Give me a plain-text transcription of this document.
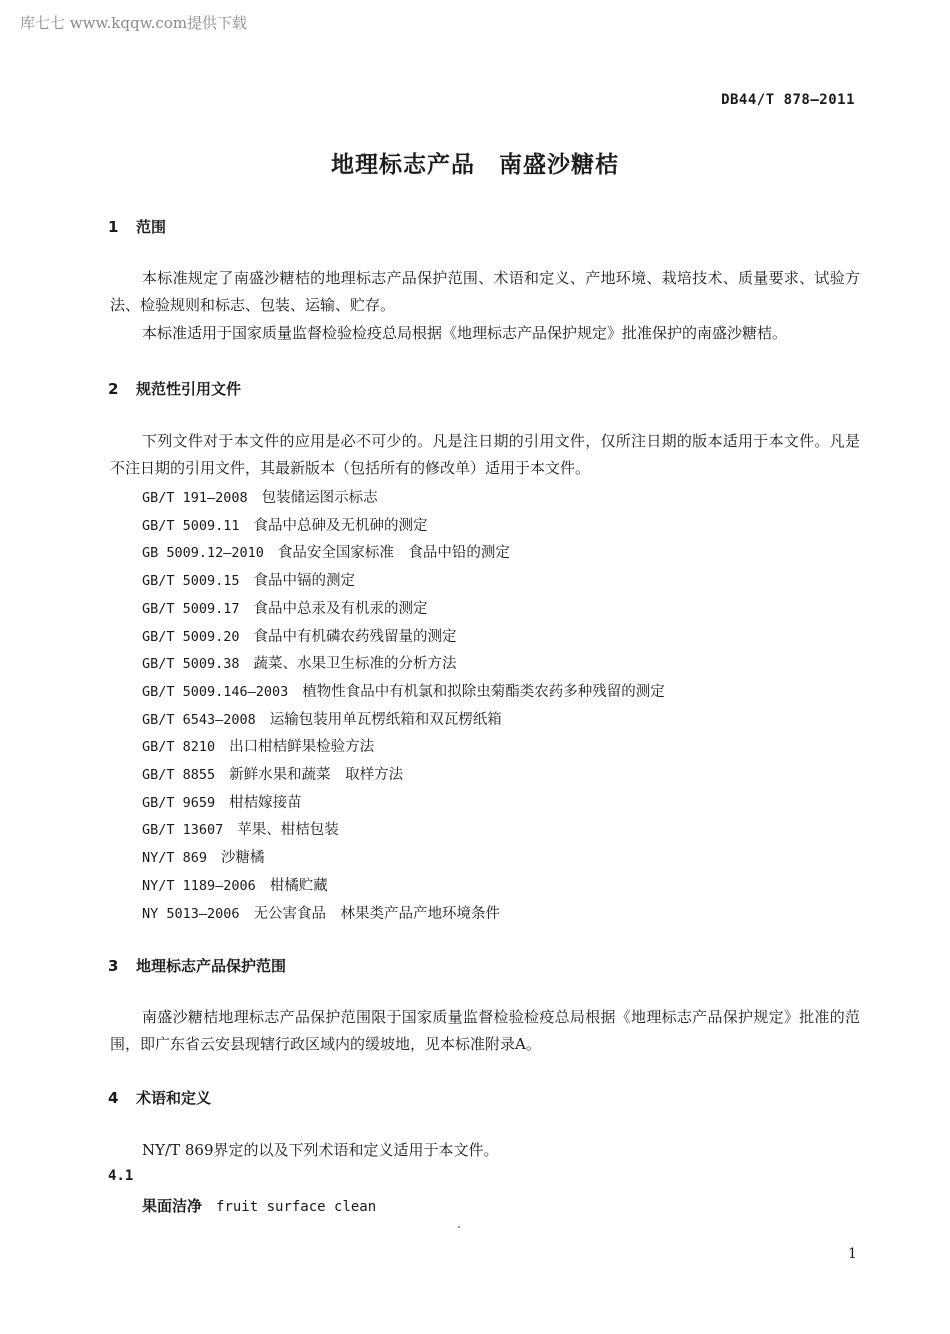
库七七 www.kqqw.com提供下载
DB44/T 878—2011
地理标志产品　南盛沙糖桔
1 范围
本标准规定了南盛沙糖桔的地理标志产品保护范围、术语和定义、产地环境、栽培技术、质量要求、试验方法、检验规则和标志、包装、运输、贮存。
本标准适用于国家质量监督检验检疫总局根据《地理标志产品保护规定》批准保护的南盛沙糖桔。
2 规范性引用文件
下列文件对于本文件的应用是必不可少的。凡是注日期的引用文件，仅所注日期的版本适用于本文件。凡是不注日期的引用文件，其最新版本（包括所有的修改单）适用于本文件。
GB/T 191—2008 包装储运图示标志
GB/T 5009.11 食品中总砷及无机砷的测定
GB 5009.12—2010 食品安全国家标准　食品中铅的测定
GB/T 5009.15 食品中镉的测定
GB/T 5009.17 食品中总汞及有机汞的测定
GB/T 5009.20 食品中有机磷农药残留量的测定
GB/T 5009.38 蔬菜、水果卫生标准的分析方法
GB/T 5009.146—2003 植物性食品中有机氯和拟除虫菊酯类农药多种残留的测定
GB/T 6543—2008 运输包装用单瓦楞纸箱和双瓦楞纸箱
GB/T 8210 出口柑桔鲜果检验方法
GB/T 8855 新鲜水果和蔬菜　取样方法
GB/T 9659 柑桔嫁接苗
GB/T 13607 苹果、柑桔包装
NY/T 869 沙糖橘
NY/T 1189—2006 柑橘贮藏
NY 5013—2006 无公害食品　林果类产品产地环境条件
3 地理标志产品保护范围
南盛沙糖桔地理标志产品保护范围限于国家质量监督检验检疫总局根据《地理标志产品保护规定》批准的范围，即广东省云安县现辖行政区域内的缓坡地，见本标准附录A。
4 术语和定义
NY/T 869界定的以及下列术语和定义适用于本文件。
4.1
果面洁净 fruit surface clean
1
